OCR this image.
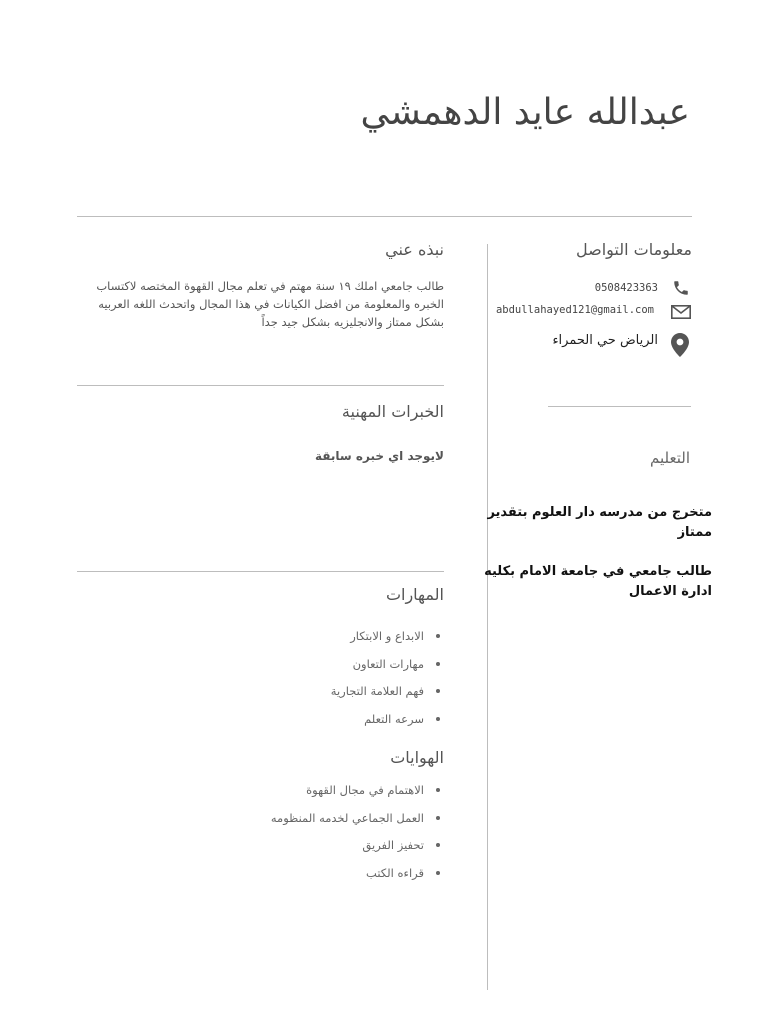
عبدالله عايد الدهمشي
معلومات التواصل
0508423363
abdullahayed121@gmail.com
الرياض حي الحمراء
التعليم
متخرج من مدرسه دار العلوم بتقدير ممتاز
طالب جامعي في جامعة الامام بكليه ادارة الاعمال
نبذه عني
طالب جامعي املك ١٩ سنة مهتم في تعلم مجال القهوة المختصه لاكتساب الخبره والمعلومة من افضل الكيانات في هذا المجال واتحدث اللغه العربيه بشكل ممتاز والانجليزيه بشكل جيد جداً
الخبرات المهنية
لايوجد اي خبره سابقة
المهارات
الابداع و الابتكار
مهارات التعاون
فهم العلامة التجارية
سرعه التعلم
الهوايات
الاهتمام في مجال القهوة
العمل الجماعي لخدمه المنظومه
تحفيز الفريق
قراءه الكتب
